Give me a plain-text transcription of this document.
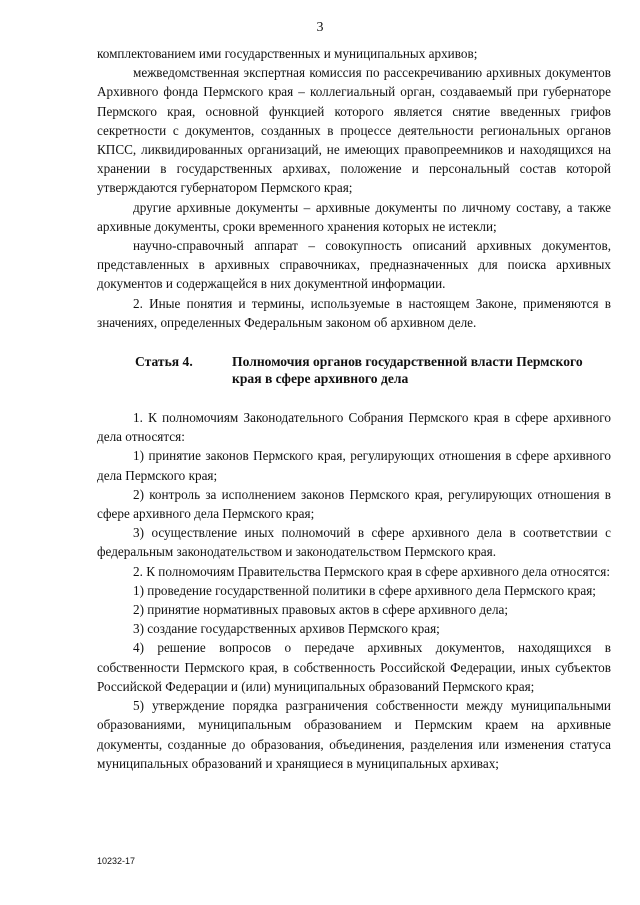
3

комплектованием ими государственных и муниципальных архивов;

межведомственная экспертная комиссия по рассекречиванию архивных документов Архивного фонда Пермского края – коллегиальный орган, создаваемый при губернаторе Пермского края, основной функцией которого является снятие введенных грифов секретности с документов, созданных в процессе деятельности региональных органов КПСС, ликвидированных организаций, не имеющих правопреемников и находящихся на хранении в государственных архивах, положение и персональный состав которой утверждаются губернатором Пермского края;

другие архивные документы – архивные документы по личному составу, а также архивные документы, сроки временного хранения которых не истекли;

научно-справочный аппарат – совокупность описаний архивных документов, представленных в архивных справочниках, предназначенных для поиска архивных документов и содержащейся в них документной информации.

2. Иные понятия и термины, используемые в настоящем Законе, применяются в значениях, определенных Федеральным законом об архивном деле.

Статья 4.	Полномочия органов государственной власти Пермского края в сфере архивного дела

1. К полномочиям Законодательного Собрания Пермского края в сфере архивного дела относятся:

1) принятие законов Пермского края, регулирующих отношения в сфере архивного дела Пермского края;

2) контроль за исполнением законов Пермского края, регулирующих отношения в сфере архивного дела Пермского края;

3) осуществление иных полномочий в сфере архивного дела в соответствии с федеральным законодательством и законодательством Пермского края.

2. К полномочиям Правительства Пермского края в сфере архивного дела относятся:

1) проведение государственной политики в сфере архивного дела Пермского края;

2) принятие нормативных правовых актов в сфере архивного дела;

3) создание государственных архивов Пермского края;

4) решение вопросов о передаче архивных документов, находящихся в собственности Пермского края, в собственность Российской Федерации, иных субъектов Российской Федерации и (или) муниципальных образований Пермского края;

5) утверждение порядка разграничения собственности между муниципальными образованиями, муниципальным образованием и Пермским краем на архивные документы, созданные до образования, объединения, разделения или изменения статуса муниципальных образований и хранящиеся в муниципальных архивах;

10232-17
